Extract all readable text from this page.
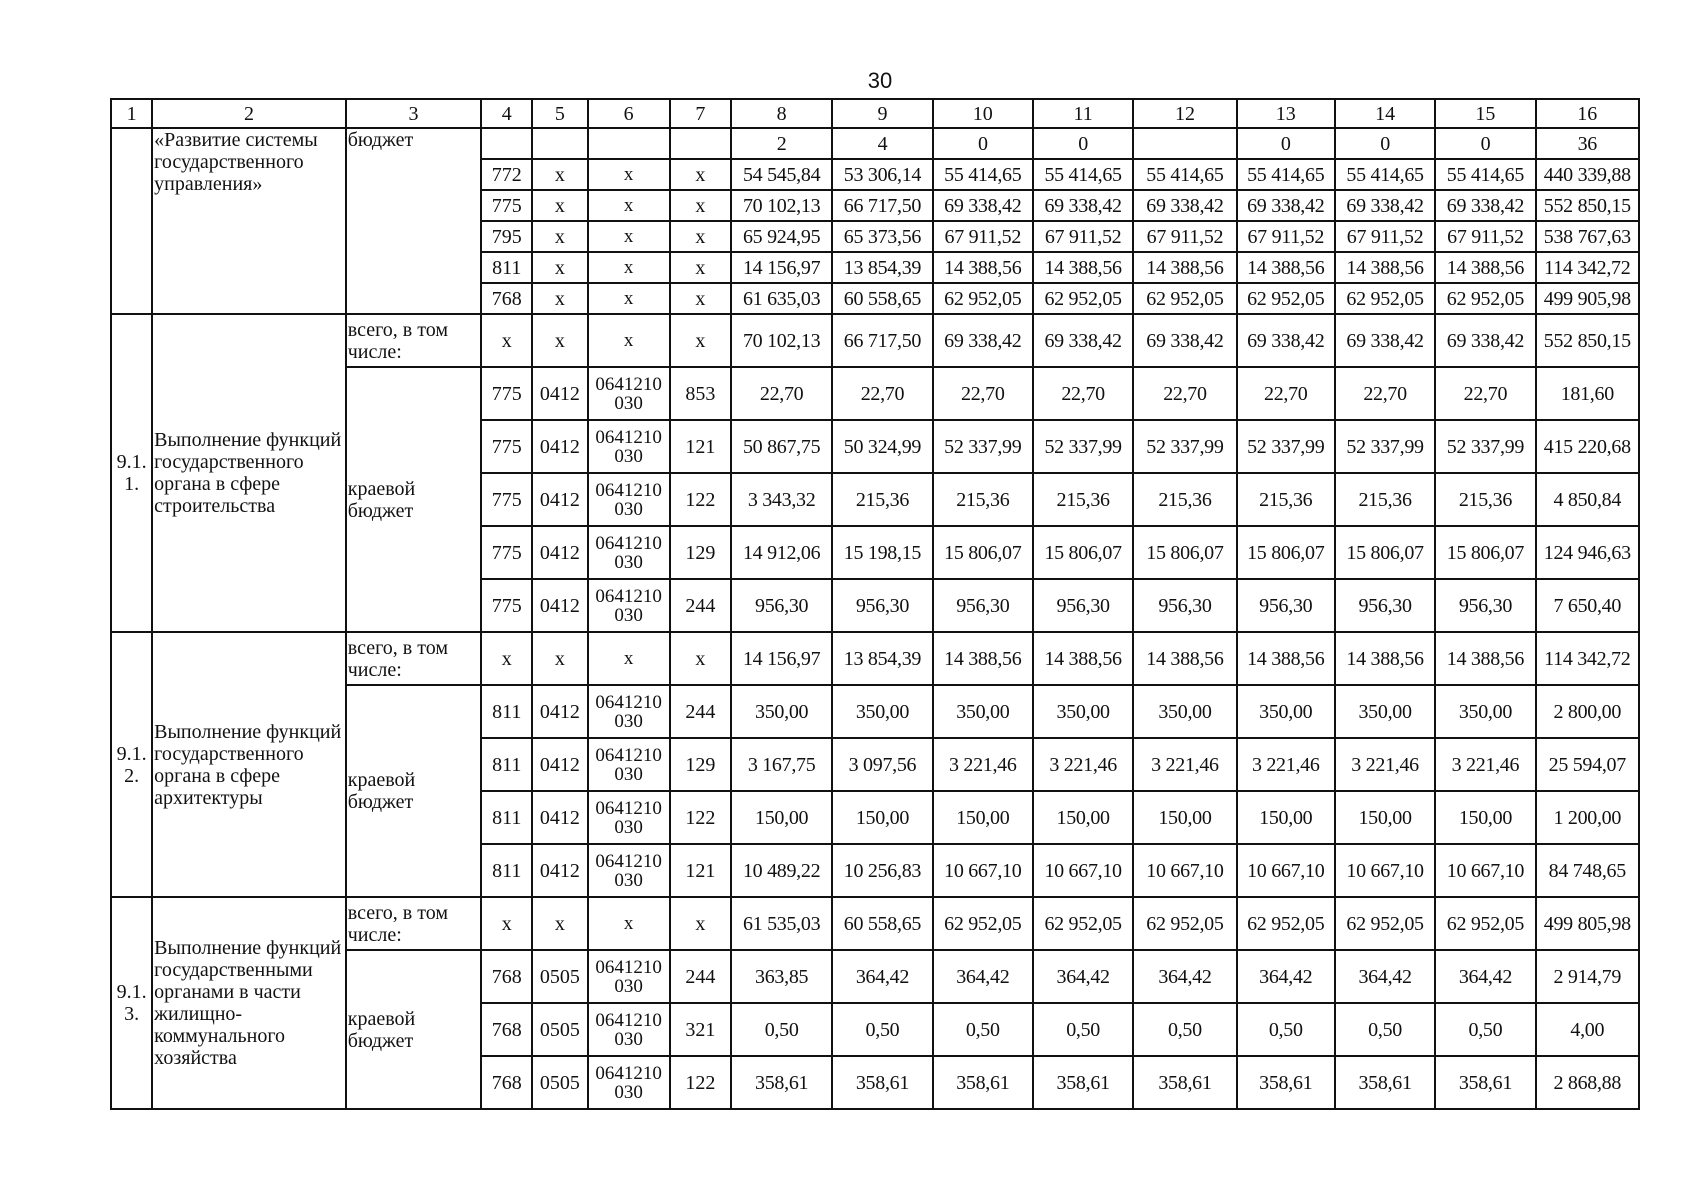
30
1	2	3	4	5	6	7	8	9	10	11	12	13	14	15	16
	«Развитие системы государственного управления»	бюджет					2	4	0	0		0	0	0	36
			772	x	x	x	54 545,84	53 306,14	55 414,65	55 414,65	55 414,65	55 414,65	55 414,65	55 414,65	440 339,88
			775	x	x	x	70 102,13	66 717,50	69 338,42	69 338,42	69 338,42	69 338,42	69 338,42	69 338,42	552 850,15
			795	x	x	x	65 924,95	65 373,56	67 911,52	67 911,52	67 911,52	67 911,52	67 911,52	67 911,52	538 767,63
			811	x	x	x	14 156,97	13 854,39	14 388,56	14 388,56	14 388,56	14 388,56	14 388,56	14 388,56	114 342,72
			768	x	x	x	61 635,03	60 558,65	62 952,05	62 952,05	62 952,05	62 952,05	62 952,05	62 952,05	499 905,98
9.1. 1.	Выполнение функций государственного органа в сфере строительства	всего, в том числе:	x	x	x	x	70 102,13	66 717,50	69 338,42	69 338,42	69 338,42	69 338,42	69 338,42	69 338,42	552 850,15
		краевой бюджет	775	0412	0641210 030	853	22,70	22,70	22,70	22,70	22,70	22,70	22,70	22,70	181,60
			775	0412	0641210 030	121	50 867,75	50 324,99	52 337,99	52 337,99	52 337,99	52 337,99	52 337,99	52 337,99	415 220,68
			775	0412	0641210 030	122	3 343,32	215,36	215,36	215,36	215,36	215,36	215,36	215,36	4 850,84
			775	0412	0641210 030	129	14 912,06	15 198,15	15 806,07	15 806,07	15 806,07	15 806,07	15 806,07	15 806,07	124 946,63
			775	0412	0641210 030	244	956,30	956,30	956,30	956,30	956,30	956,30	956,30	956,30	7 650,40
9.1. 2.	Выполнение функций государственного органа в сфере архитектуры	всего, в том числе:	x	x	x	x	14 156,97	13 854,39	14 388,56	14 388,56	14 388,56	14 388,56	14 388,56	14 388,56	114 342,72
		краевой бюджет	811	0412	0641210 030	244	350,00	350,00	350,00	350,00	350,00	350,00	350,00	350,00	2 800,00
			811	0412	0641210 030	129	3 167,75	3 097,56	3 221,46	3 221,46	3 221,46	3 221,46	3 221,46	3 221,46	25 594,07
			811	0412	0641210 030	122	150,00	150,00	150,00	150,00	150,00	150,00	150,00	150,00	1 200,00
			811	0412	0641210 030	121	10 489,22	10 256,83	10 667,10	10 667,10	10 667,10	10 667,10	10 667,10	10 667,10	84 748,65
9.1. 3.	Выполнение функций государственными органами в части жилищно-коммунального хозяйства	всего, в том числе:	x	x	x	x	61 535,03	60 558,65	62 952,05	62 952,05	62 952,05	62 952,05	62 952,05	62 952,05	499 805,98
		краевой бюджет	768	0505	0641210 030	244	363,85	364,42	364,42	364,42	364,42	364,42	364,42	364,42	2 914,79
			768	0505	0641210 030	321	0,50	0,50	0,50	0,50	0,50	0,50	0,50	0,50	4,00
			768	0505	0641210 030	122	358,61	358,61	358,61	358,61	358,61	358,61	358,61	358,61	2 868,88
